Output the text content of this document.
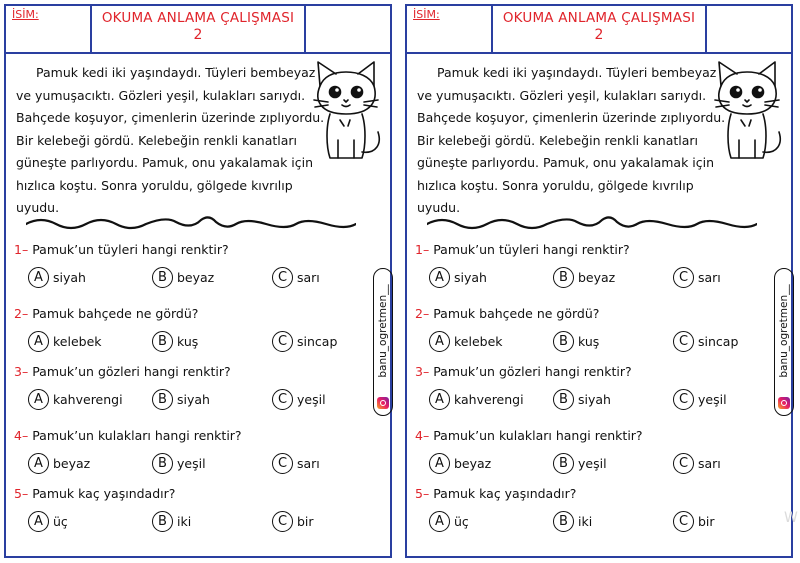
İSİM:	OKUMA ANLAMA ÇALIŞMASI
2
Pamuk kedi iki yaşındaydı. Tüyleri bembeyaz
ve yumuşacıktı. Gözleri yeşil, kulakları sarıydı.
Bahçede koşuyor, çimenlerin üzerinde zıplıyordu.
Bir kelebeği gördü. Kelebeğin renkli kanatları
güneşte parlıyordu. Pamuk, onu yakalamak için
hızlıca koştu. Sonra yoruldu, gölgede kıvrılıp uyudu.
1– Pamuk’un tüyleri hangi renktir?
A siyah	B beyaz	C sarı
2– Pamuk bahçede ne gördü?
A kelebek	B kuş	C sincap
3– Pamuk’un gözleri hangi renktir?
A kahverengi	B siyah	C yeşil
4– Pamuk’un kulakları hangi renktir?
A beyaz	B yeşil	C sarı
5– Pamuk kaç yaşındadır?
A üç	B iki	C bir
banu_ogretmen__
İSİM:	OKUMA ANLAMA ÇALIŞMASI
2
Pamuk kedi iki yaşındaydı. Tüyleri bembeyaz
ve yumuşacıktı. Gözleri yeşil, kulakları sarıydı.
Bahçede koşuyor, çimenlerin üzerinde zıplıyordu.
Bir kelebeği gördü. Kelebeğin renkli kanatları
güneşte parlıyordu. Pamuk, onu yakalamak için
hızlıca koştu. Sonra yoruldu, gölgede kıvrılıp uyudu.
1– Pamuk’un tüyleri hangi renktir?
A siyah	B beyaz	C sarı
2– Pamuk bahçede ne gördü?
A kelebek	B kuş	C sincap
3– Pamuk’un gözleri hangi renktir?
A kahverengi	B siyah	C yeşil
4– Pamuk’un kulakları hangi renktir?
A beyaz	B yeşil	C sarı
5– Pamuk kaç yaşındadır?
A üç	B iki	C bir
banu_ogretmen__
W
